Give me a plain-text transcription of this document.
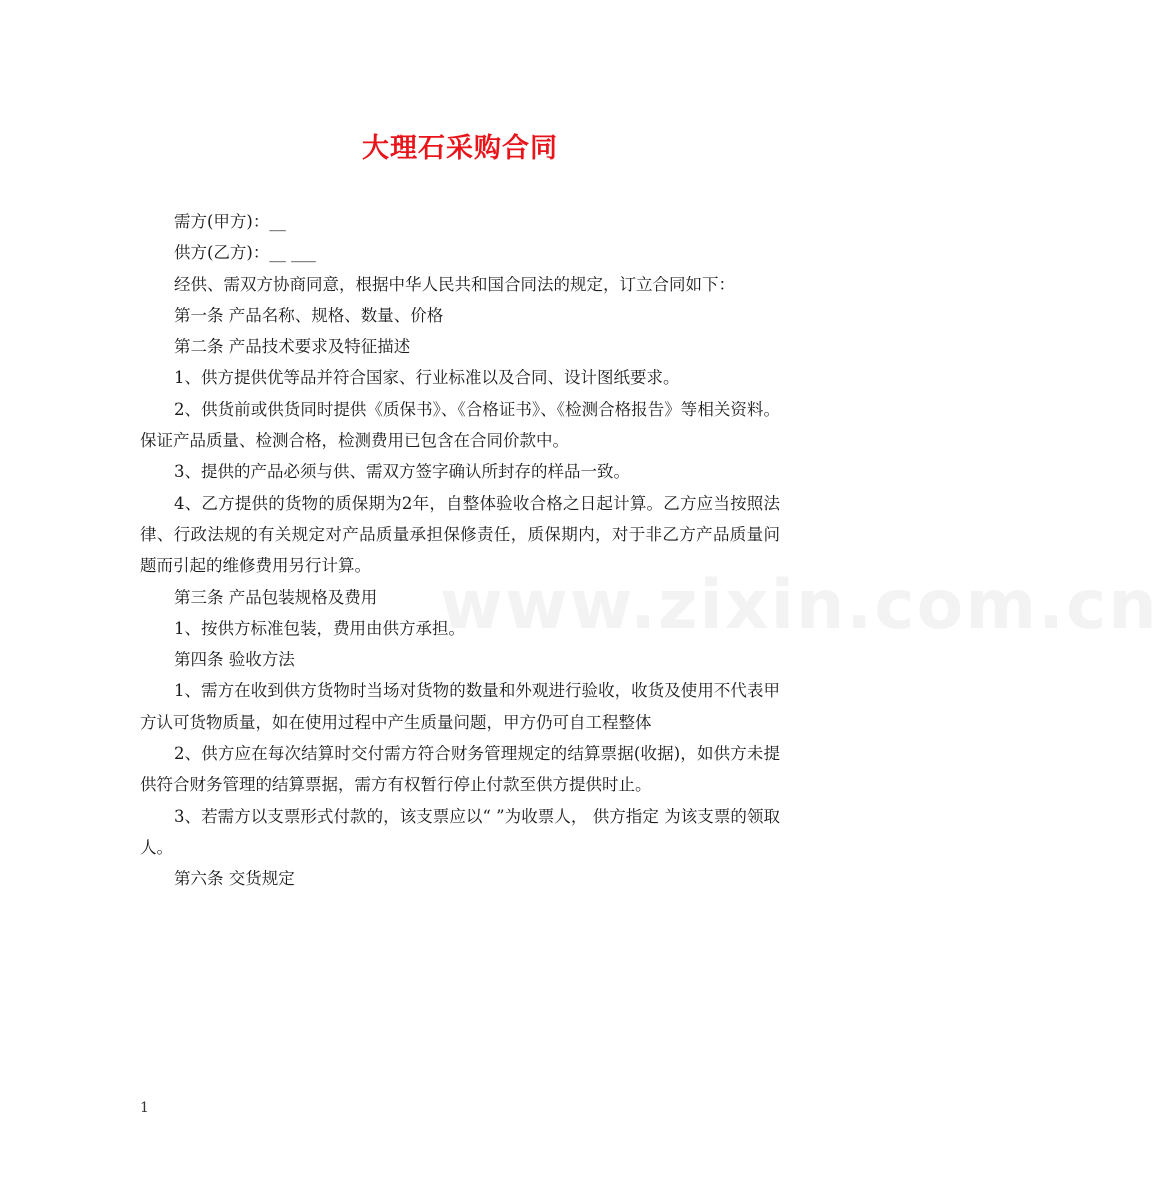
大理石采购合同
www.zixin.com.cn

需方(甲方)：__

供方(乙方)：__ ___

经供、需双方协商同意，根据中华人民共和国合同法的规定，订立合同如下：

第一条 产品名称、规格、数量、价格

第二条 产品技术要求及特征描述

1、供方提供优等品并符合国家、行业标准以及合同、设计图纸要求。

2、供货前或供货同时提供《质保书》、《合格证书》、《检测合格报告》等相关资料。保证产品质量、检测合格，检测费用已包含在合同价款中。

3、提供的产品必须与供、需双方签字确认所封存的样品一致。

4、乙方提供的货物的质保期为2年，自整体验收合格之日起计算。乙方应当按照法律、行政法规的有关规定对产品质量承担保修责任，质保期内，对于非乙方产品质量问题而引起的维修费用另行计算。

第三条 产品包装规格及费用

1、按供方标准包装，费用由供方承担。

第四条 验收方法

1、需方在收到供方货物时当场对货物的数量和外观进行验收，收货及使用不代表甲方认可货物质量，如在使用过程中产生质量问题，甲方仍可自工程整体

2、供方应在每次结算时交付需方符合财务管理规定的结算票据(收据)，如供方未提供符合财务管理的结算票据，需方有权暂行停止付款至供方提供时止。

3、若需方以支票形式付款的，该支票应以“ ”为收票人， 供方指定 为该支票的领取人。

第六条 交货规定

1
